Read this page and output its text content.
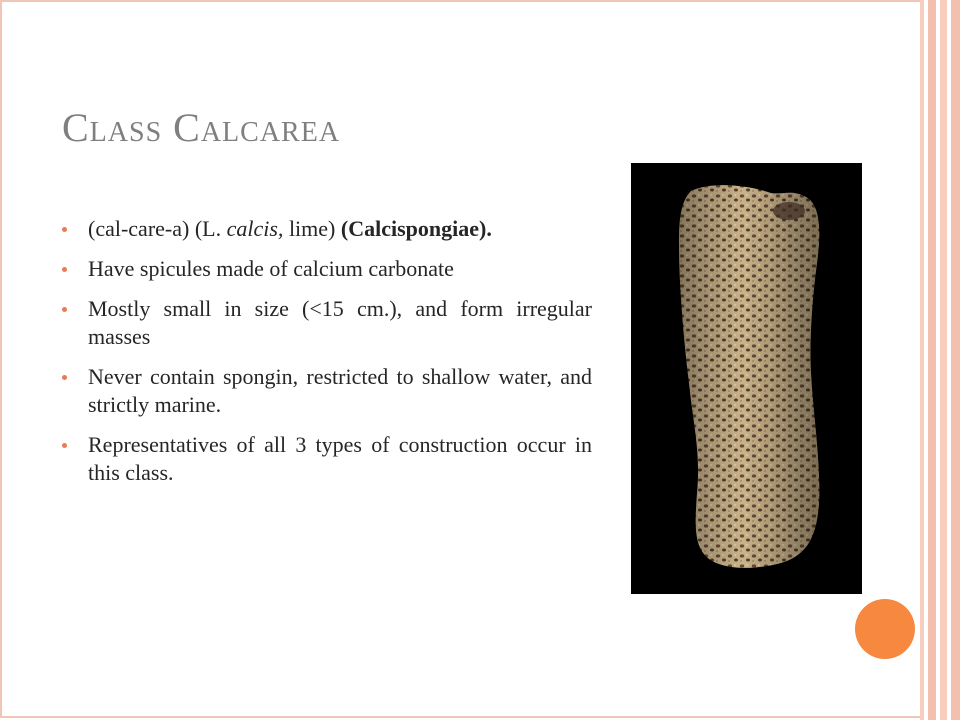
Class Calcarea
(cal-care-a) (L. calcis, lime) (Calcispongiae).
Have spicules made of calcium carbonate
Mostly small in size (<15 cm.), and form irregular masses
Never contain spongin, restricted to shallow water, and strictly marine.
Representatives of all 3 types of construction occur in this class.
